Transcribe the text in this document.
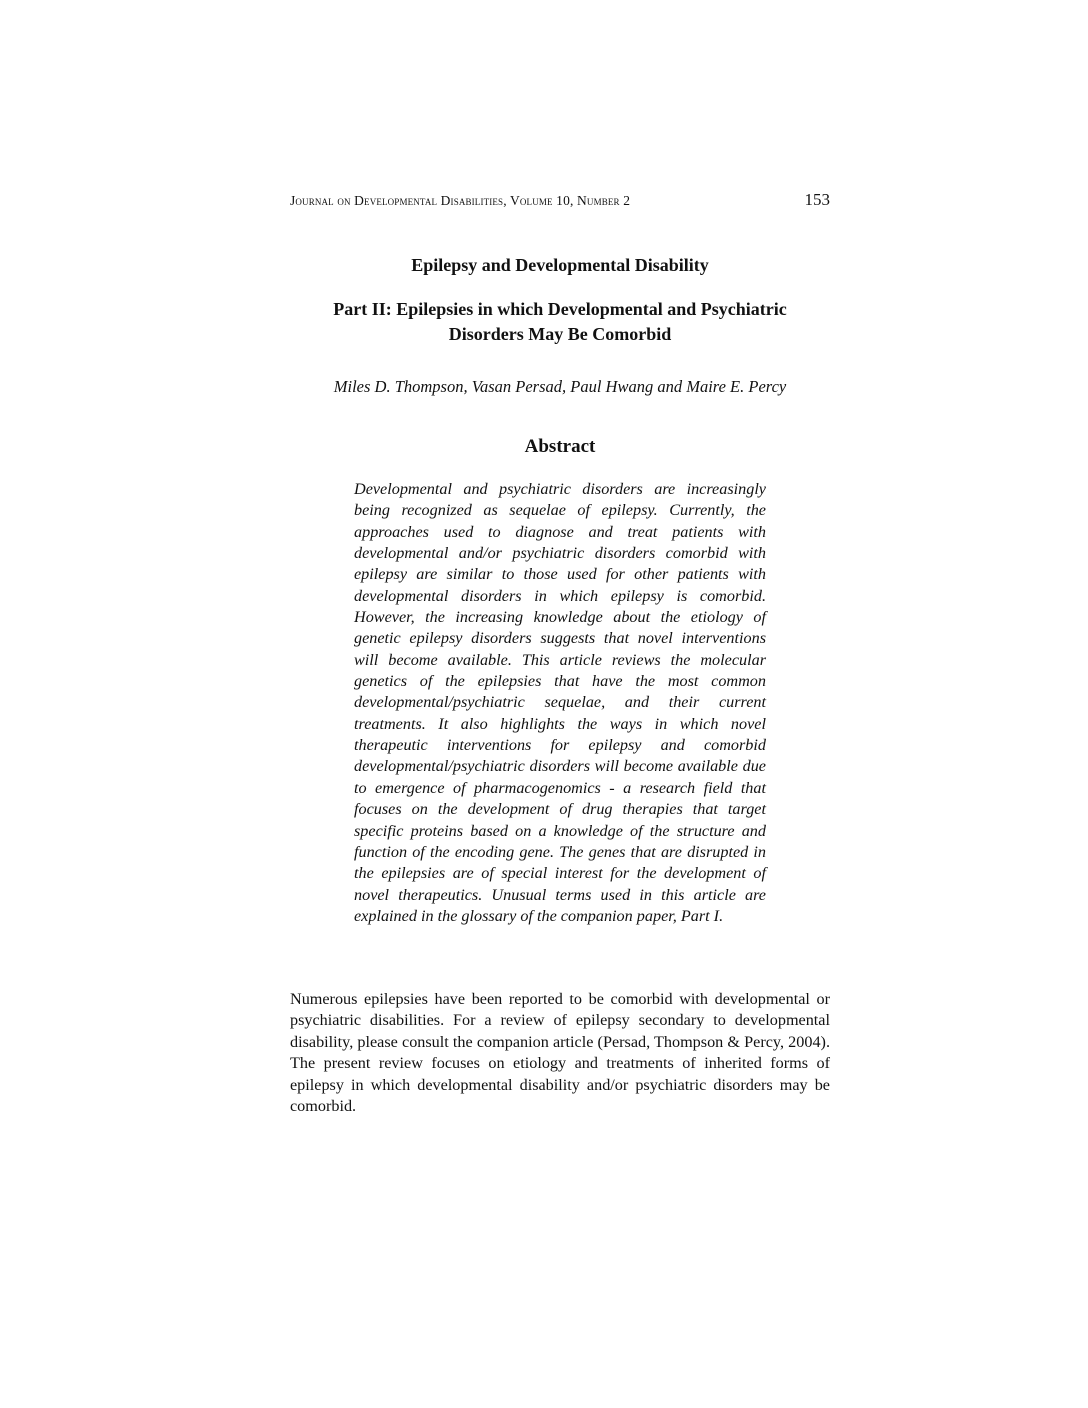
Journal on Developmental Disabilities, Volume 10, Number 2	153
Epilepsy and Developmental Disability
Part II: Epilepsies in which Developmental and Psychiatric
Disorders May Be Comorbid

Miles D. Thompson, Vasan Persad, Paul Hwang and Maire E. Percy

Abstract

Developmental and psychiatric disorders are increasingly being recognized as sequelae of epilepsy. Currently, the approaches used to diagnose and treat patients with developmental and/or psychiatric disorders comorbid with epilepsy are similar to those used for other patients with developmental disorders in which epilepsy is comorbid. However, the increasing knowledge about the etiology of genetic epilepsy disorders suggests that novel interventions will become available. This article reviews the molecular genetics of the epilepsies that have the most common developmental/psychiatric sequelae, and their current treatments. It also highlights the ways in which novel therapeutic interventions for epilepsy and comorbid developmental/psychiatric disorders will become available due to emergence of pharmacogenomics - a research field that focuses on the development of drug therapies that target specific proteins based on a knowledge of the structure and function of the encoding gene. The genes that are disrupted in the epilepsies are of special interest for the development of novel therapeutics. Unusual terms used in this article are explained in the glossary of the companion paper, Part I.

Numerous epilepsies have been reported to be comorbid with developmental or psychiatric disabilities. For a review of epilepsy secondary to developmental disability, please consult the companion article (Persad, Thompson & Percy, 2004). The present review focuses on etiology and treatments of inherited forms of epilepsy in which developmental disability and/or psychiatric disorders may be comorbid.
